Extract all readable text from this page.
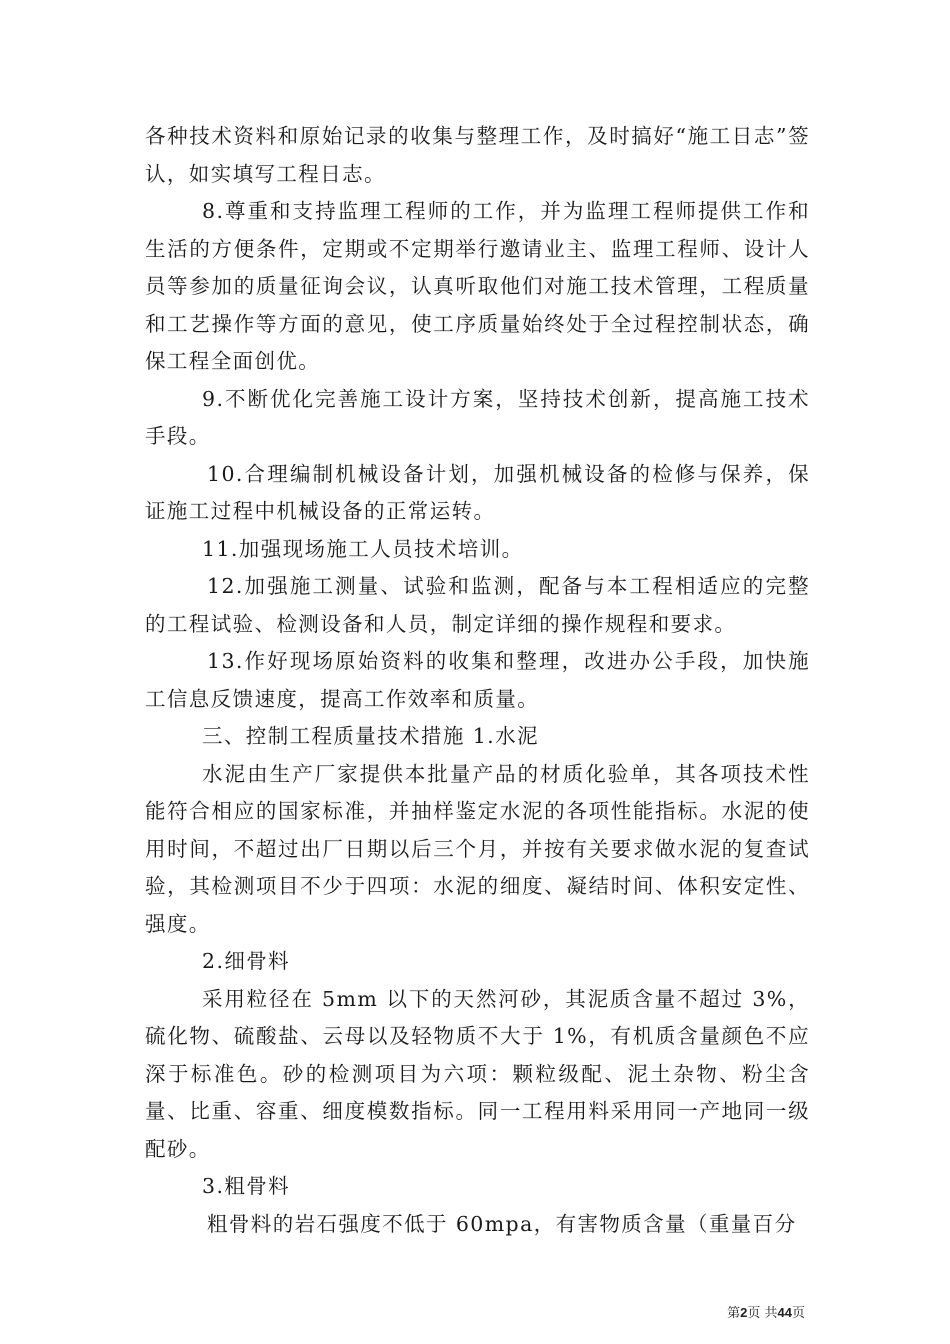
各种技术资料和原始记录的收集与整理工作，及时搞好“施工日志”签认，如实填写工程日志。

8.尊重和支持监理工程师的工作，并为监理工程师提供工作和生活的方便条件，定期或不定期举行邀请业主、监理工程师、设计人员等参加的质量征询会议，认真听取他们对施工技术管理，工程质量和工艺操作等方面的意见，使工序质量始终处于全过程控制状态，确保工程全面创优。

9.不断优化完善施工设计方案，坚持技术创新，提高施工技术手段。

10.合理编制机械设备计划，加强机械设备的检修与保养，保证施工过程中机械设备的正常运转。

11.加强现场施工人员技术培训。

12.加强施工测量、试验和监测，配备与本工程相适应的完整的工程试验、检测设备和人员，制定详细的操作规程和要求。

13.作好现场原始资料的收集和整理，改进办公手段，加快施工信息反馈速度，提高工作效率和质量。

三、控制工程质量技术措施 1.水泥

水泥由生产厂家提供本批量产品的材质化验单，其各项技术性能符合相应的国家标准，并抽样鉴定水泥的各项性能指标。水泥的使用时间，不超过出厂日期以后三个月，并按有关要求做水泥的复查试验，其检测项目不少于四项：水泥的细度、凝结时间、体积安定性、强度。

2.细骨料

采用粒径在 5mm 以下的天然河砂，其泥质含量不超过 3%，硫化物、硫酸盐、云母以及轻物质不大于 1%，有机质含量颜色不应深于标准色。砂的检测项目为六项：颗粒级配、泥土杂物、粉尘含量、比重、容重、细度模数指标。同一工程用料采用同一产地同一级配砂。

3.粗骨料

粗骨料的岩石强度不低于 60mpa，有害物质含量（重量百分

第2页 共44页
